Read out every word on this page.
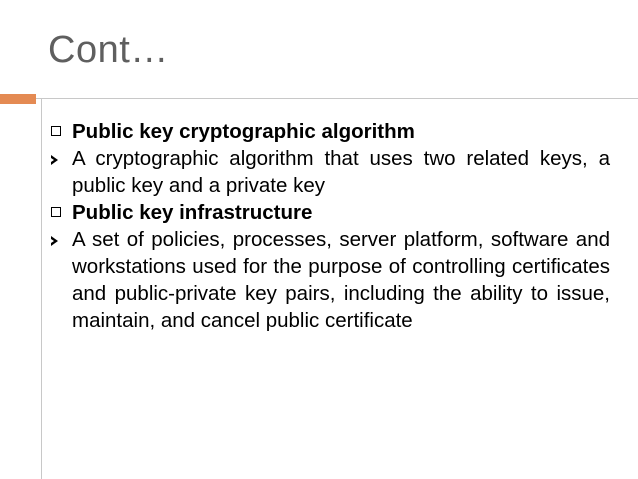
Cont…
Public key cryptographic algorithm
A cryptographic algorithm that uses two related keys, a public key and a private key
Public key infrastructure
A set of policies, processes, server platform, software and workstations used for the purpose of controlling certificates and public-private key pairs, including the ability to issue, maintain, and cancel public certificate
